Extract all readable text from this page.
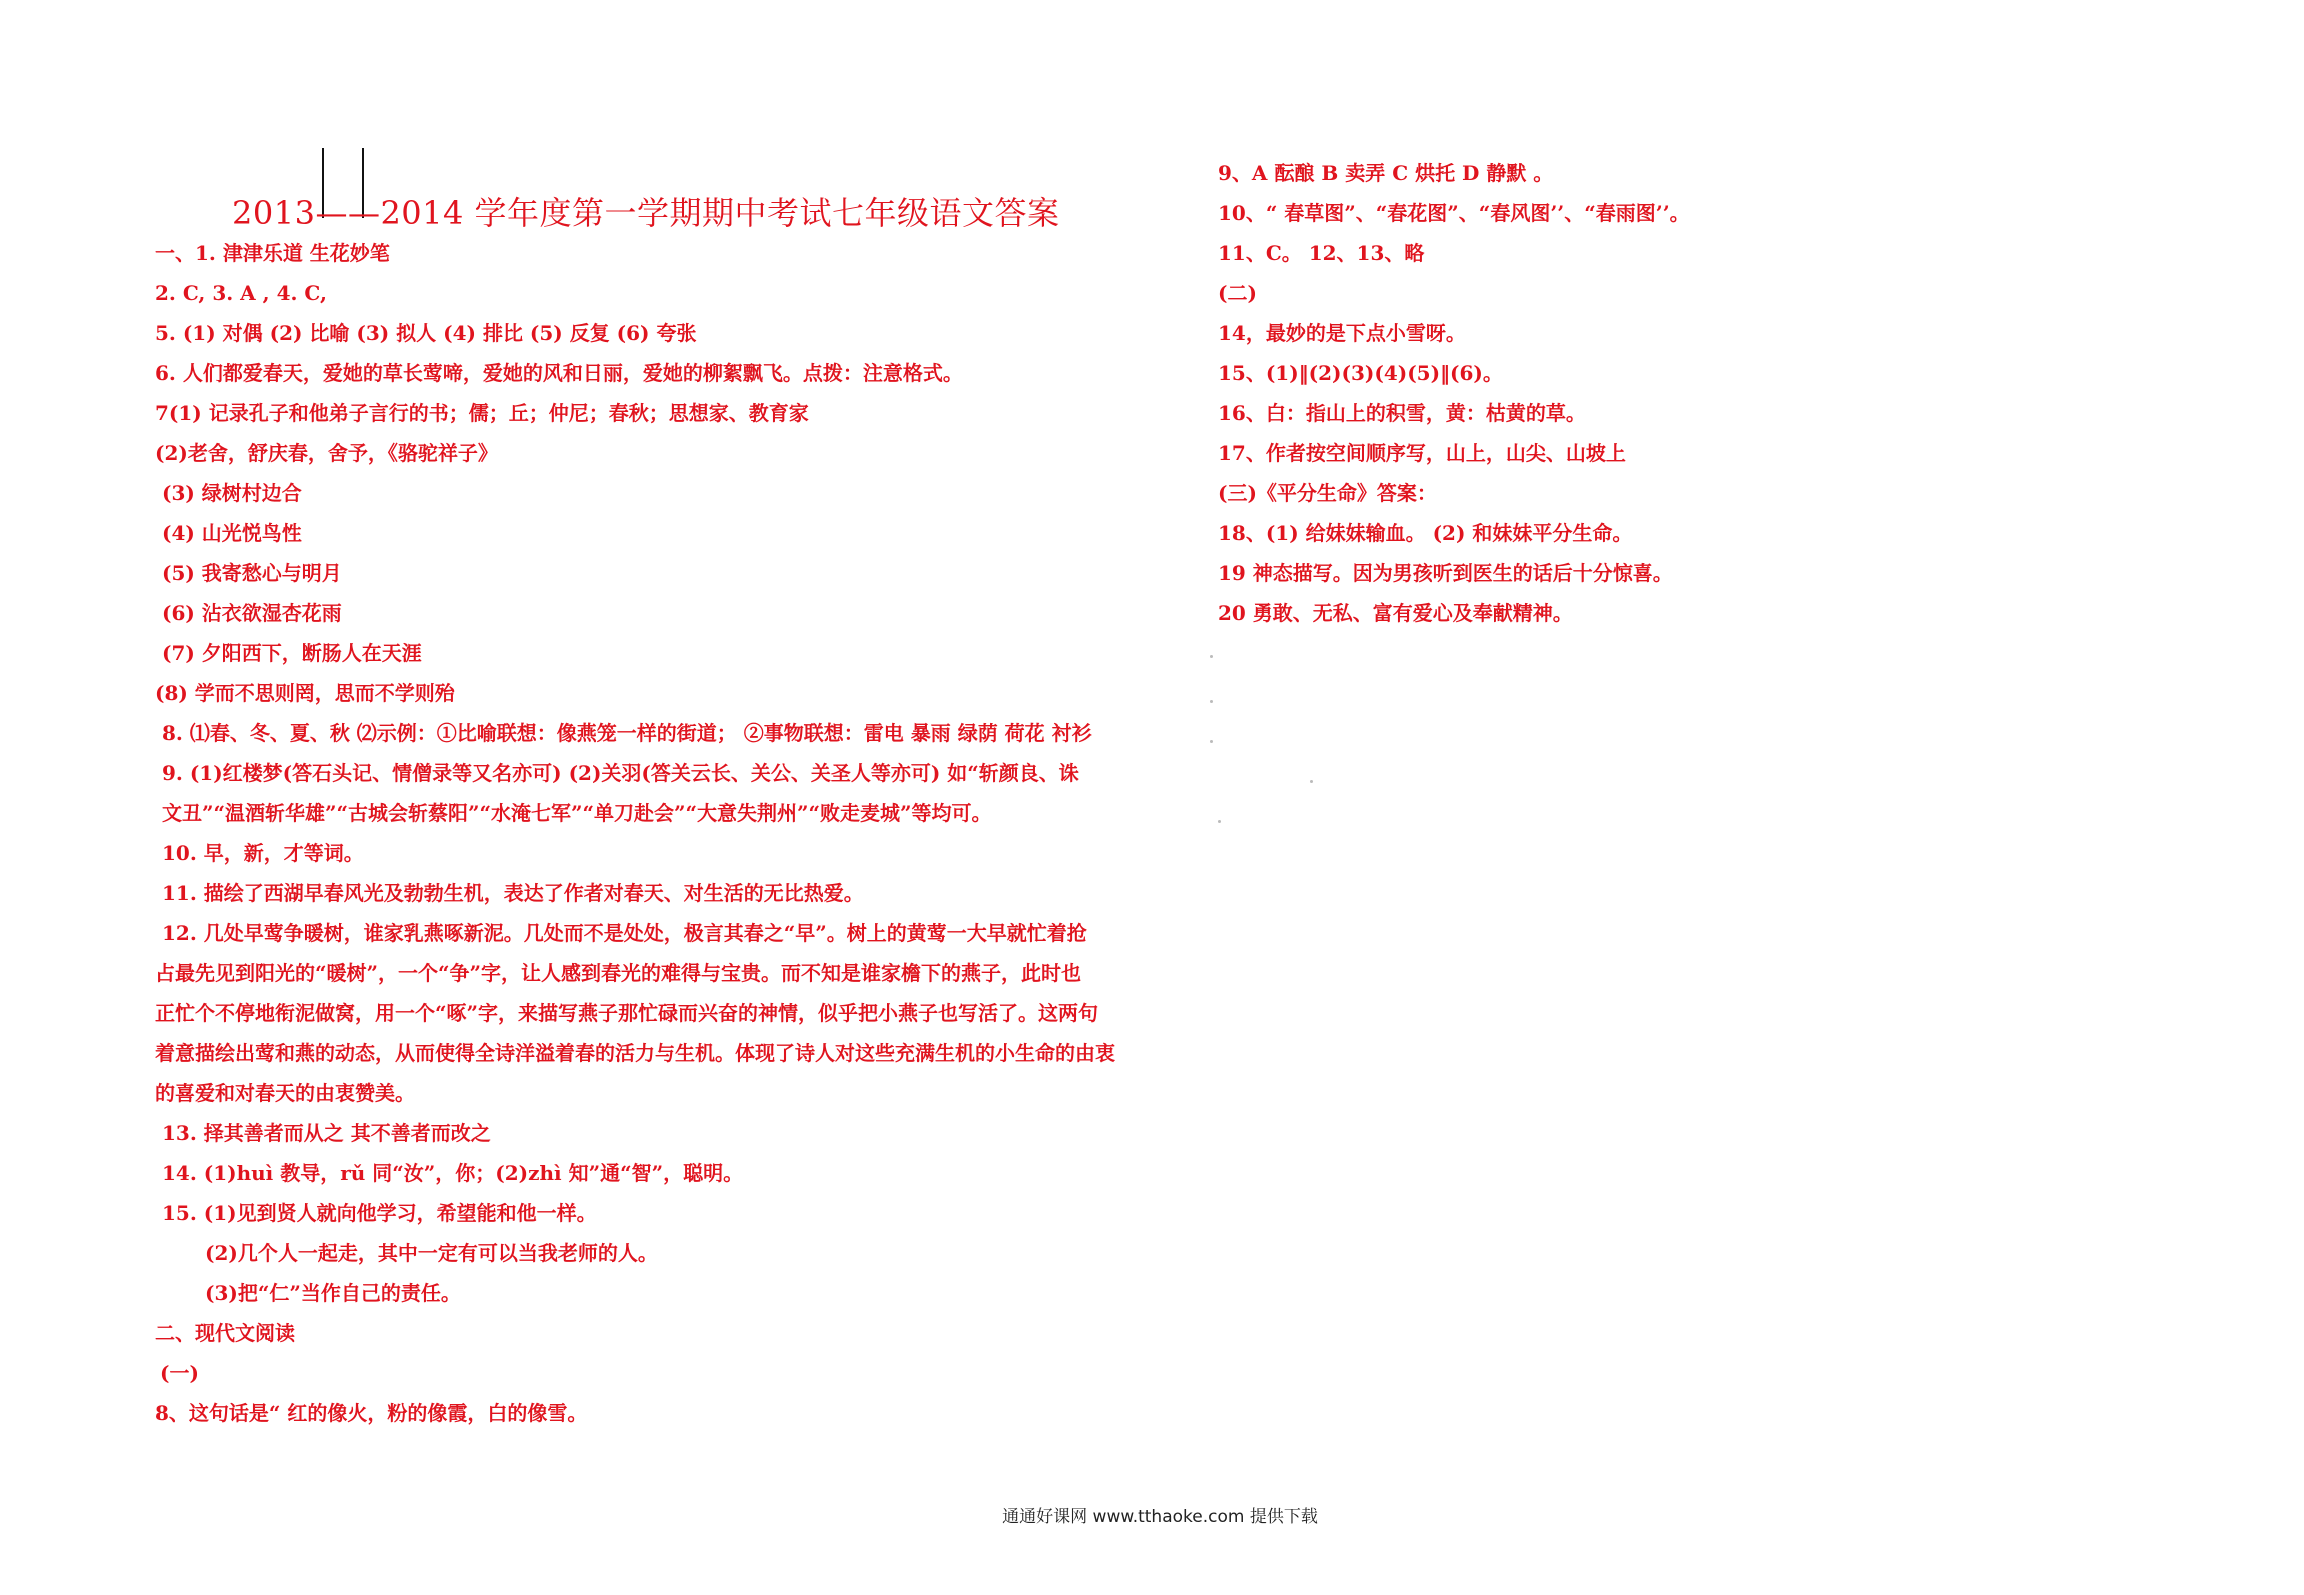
2013——2014 学年度第一学期期中考试七年级语文答案
一、1. 津津乐道 生花妙笔
2. C, 3. A , 4. C,
5. (1) 对偶 (2) 比喻 (3) 拟人 (4) 排比 (5) 反复 (6) 夸张
6. 人们都爱春天，爱她的草长莺啼，爱她的风和日丽，爱她的柳絮飘飞。点拨：注意格式。
7(1) 记录孔子和他弟子言行的书；儒；丘；仲尼；春秋；思想家、教育家
(2)老舍，舒庆春，舍予，《骆驼祥子》
(3) 绿树村边合
(4) 山光悦鸟性
(5) 我寄愁心与明月
(6) 沾衣欲湿杏花雨
(7) 夕阳西下，断肠人在天涯
(8) 学而不思则罔，思而不学则殆
8. ⑴春、冬、夏、秋 ⑵示例：①比喻联想：像燕笼一样的街道； ②事物联想：雷电 暴雨 绿荫 荷花 衬衫
9. (1)红楼梦(答石头记、情僧录等又名亦可) (2)关羽(答关云长、关公、关圣人等亦可) 如“斩颜良、诛
文丑”“温酒斩华雄”“古城会斩蔡阳”“水淹七军”“单刀赴会”“大意失荆州”“败走麦城”等均可。
10. 早，新，才等词。
11. 描绘了西湖早春风光及勃勃生机，表达了作者对春天、对生活的无比热爱。
12. 几处早莺争暖树，谁家乳燕啄新泥。几处而不是处处，极言其春之“早”。树上的黄莺一大早就忙着抢
占最先见到阳光的“暖树”，一个“争”字，让人感到春光的难得与宝贵。而不知是谁家檐下的燕子，此时也
正忙个不停地衔泥做窝，用一个“啄”字，来描写燕子那忙碌而兴奋的神情，似乎把小燕子也写活了。这两句
着意描绘出莺和燕的动态，从而使得全诗洋溢着春的活力与生机。体现了诗人对这些充满生机的小生命的由衷
的喜爱和对春天的由衷赞美。
13. 择其善者而从之 其不善者而改之
14. (1)huì 教导，rǔ 同“汝”，你；(2)zhì 知”通“智”，聪明。
15. (1)见到贤人就向他学习，希望能和他一样。
(2)几个人一起走，其中一定有可以当我老师的人。
(3)把“仁”当作自己的责任。
二、现代文阅读
(一)
8、这句话是“ 红的像火，粉的像霞，白的像雪。
9、A 酝酿 B 卖弄 C 烘托 D 静默 。
10、“ 春草图”、“春花图”、“春风图’’、“春雨图’’。
11、C。 12、13、略
(二)
14，最妙的是下点小雪呀。
15、(1)‖(2)(3)(4)(5)‖(6)。
16、白：指山上的积雪，黄：枯黄的草。
17、作者按空间顺序写，山上，山尖、山坡上
(三)《平分生命》答案：
18、(1) 给妹妹输血。 (2) 和妹妹平分生命。
19 神态描写。因为男孩听到医生的话后十分惊喜。
20 勇敢、无私、富有爱心及奉献精神。
通通好课网 www.tthaoke.com 提供下载
